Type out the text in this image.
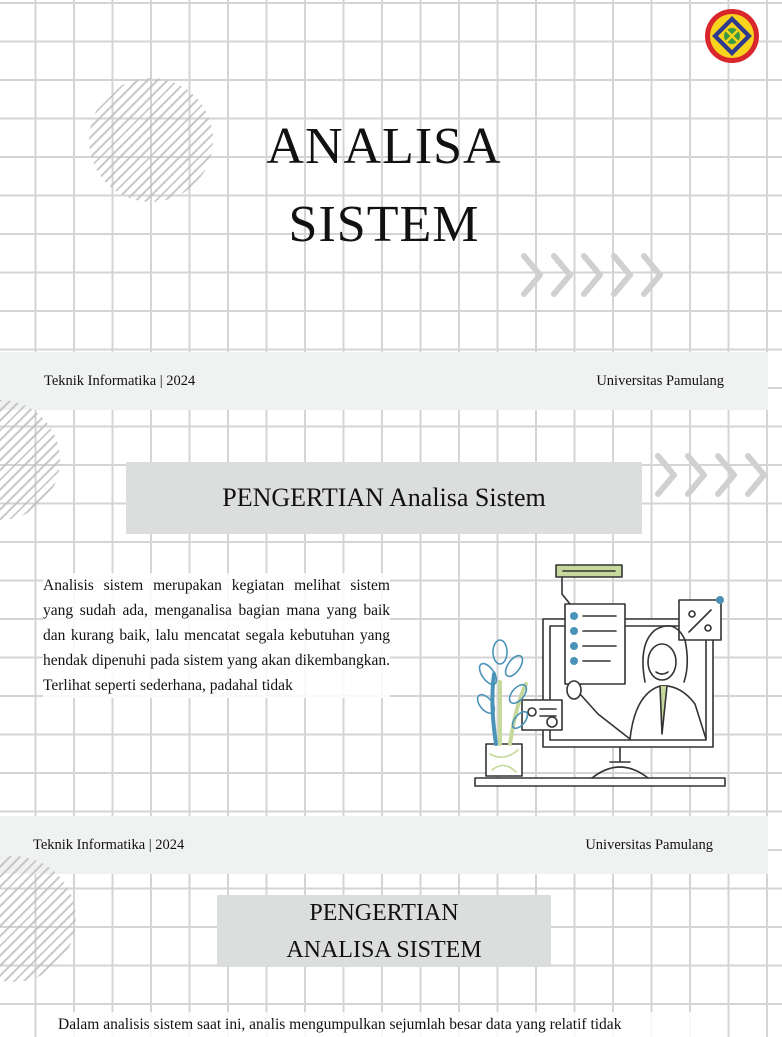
ANALISA
SISTEM
Teknik Informatika | 2024	Universitas Pamulang
PENGERTIAN Analisa Sistem
Analisis sistem merupakan kegiatan melihat sistem yang sudah ada, menganalisa bagian mana yang baik dan kurang baik, lalu mencatat segala kebutuhan yang hendak dipenuhi pada sistem yang akan dikembangkan. Terlihat seperti sederhana, padahal tidak
Teknik Informatika | 2024	Universitas Pamulang
PENGERTIAN
ANALISA SISTEM
Dalam analisis sistem saat ini, analis mengumpulkan sejumlah besar data yang relatif tidak
